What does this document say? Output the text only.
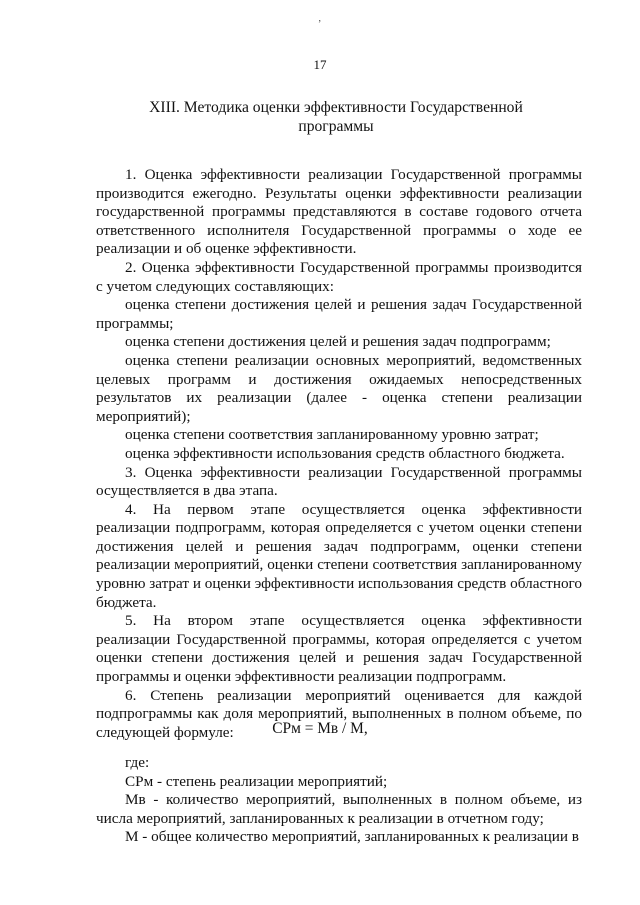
ʼ
17
XIII. Методика оценки эффективности Государственной
программы

1. Оценка эффективности реализации Государственной программы производится ежегодно. Результаты оценки эффективности реализации государственной программы представляются в составе годового отчета ответственного исполнителя Государственной программы о ходе ее реализации и об оценке эффективности.

2. Оценка эффективности Государственной программы производится с учетом следующих составляющих:

оценка степени достижения целей и решения задач Государственной программы;

оценка степени достижения целей и решения задач подпрограмм;

оценка степени реализации основных мероприятий, ведомственных целевых программ и достижения ожидаемых непосредственных результатов их реализации (далее - оценка степени реализации мероприятий);

оценка степени соответствия запланированному уровню затрат;

оценка эффективности использования средств областного бюджета.

3. Оценка эффективности реализации Государственной программы осуществляется в два этапа.

4. На первом этапе осуществляется оценка эффективности реализации подпрограмм, которая определяется с учетом оценки степени достижения целей и решения задач подпрограмм, оценки степени реализации мероприятий, оценки степени соответствия запланированному уровню затрат и оценки эффективности использования средств областного бюджета.

5. На втором этапе осуществляется оценка эффективности реализации Государственной программы, которая определяется с учетом оценки степени достижения целей и решения задач Государственной программы и оценки эффективности реализации подпрограмм.

6. Степень реализации мероприятий оценивается для каждой подпрограммы как доля мероприятий, выполненных в полном объеме, по следующей формуле:	СРм = Мв / М,

где:

СРм - степень реализации мероприятий;

Мв - количество мероприятий, выполненных в полном объеме, из числа мероприятий, запланированных к реализации в отчетном году;

М - общее количество мероприятий, запланированных к реализации в
